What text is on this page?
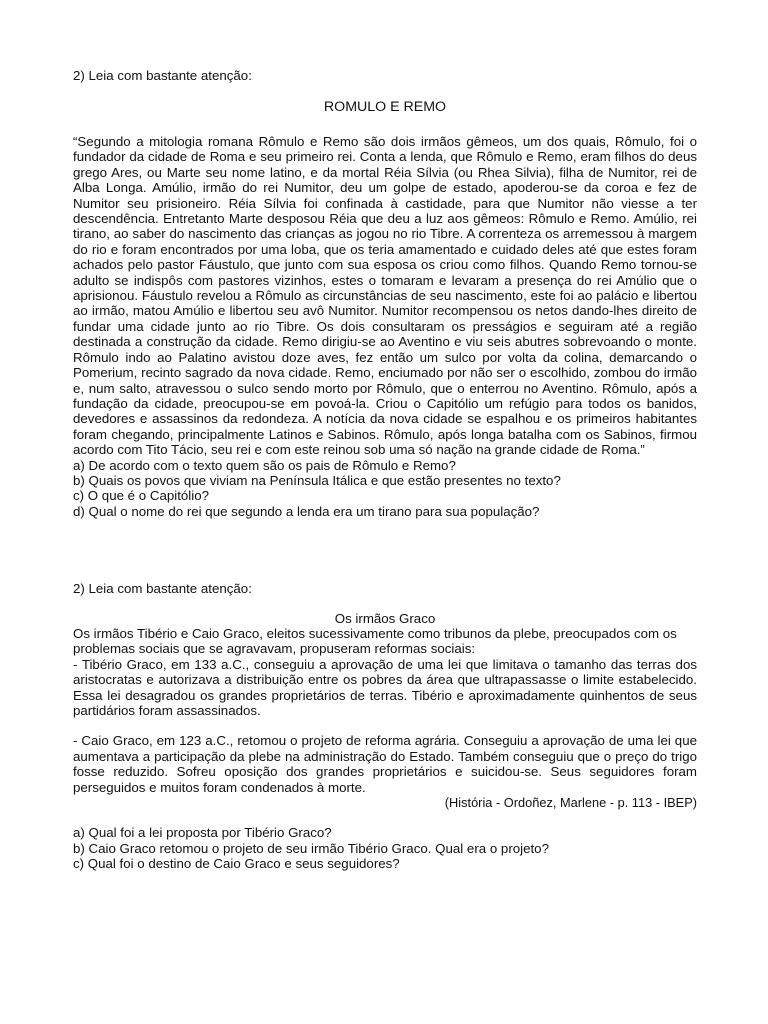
2) Leia com bastante atenção:

ROMULO E REMO

“Segundo a mitologia romana Rômulo e Remo são dois irmãos gêmeos, um dos quais, Rômulo, foi o fundador da cidade de Roma e seu primeiro rei. Conta a lenda, que Rômulo e Remo, eram filhos do deus grego Ares, ou Marte seu nome latino, e da mortal Réia Sílvia (ou Rhea Silvia), filha de Numitor, rei de Alba Longa. Amúlio, irmão do rei Numitor, deu um golpe de estado, apoderou-se da coroa e fez de Numitor seu prisioneiro. Réia Sílvia foi confinada à castidade, para que Numitor não viesse a ter descendência. Entretanto Marte desposou Réia que deu a luz aos gêmeos: Rômulo e Remo. Amúlio, rei tirano, ao saber do nascimento das crianças as jogou no rio Tibre. A correnteza os arremessou à margem do rio e foram encontrados por uma loba, que os teria amamentado e cuidado deles até que estes foram achados pelo pastor Fáustulo, que junto com sua esposa os criou como filhos. Quando Remo tornou-se adulto se indispôs com pastores vizinhos, estes o tomaram e levaram a presença do rei Amúlio que o aprisionou. Fáustulo revelou a Rômulo as circunstâncias de seu nascimento, este foi ao palácio e libertou ao irmão, matou Amúlio e libertou seu avô Numitor. Numitor recompensou os netos dando-lhes direito de fundar uma cidade junto ao rio Tibre. Os dois consultaram os presságios e seguiram até a região destinada a construção da cidade. Remo dirigiu-se ao Aventino e viu seis abutres sobrevoando o monte. Rômulo indo ao Palatino avistou doze aves, fez então um sulco por volta da colina, demarcando o Pomerium, recinto sagrado da nova cidade. Remo, enciumado por não ser o escolhido, zombou do irmão e, num salto, atravessou o sulco sendo morto por Rômulo, que o enterrou no Aventino. Rômulo, após a fundação da cidade, preocupou-se em povoá-la. Criou o Capitólio um refúgio para todos os banidos, devedores e assassinos da redondeza. A notícia da nova cidade se espalhou e os primeiros habitantes foram chegando, principalmente Latinos e Sabinos. Rômulo, após longa batalha com os Sabinos, firmou acordo com Tito Tácio, seu rei e com este reinou sob uma só nação na grande cidade de Roma.”

a) De acordo com o texto quem são os pais de Rômulo e Remo?

b) Quais os povos que viviam na Península Itálica e que estão presentes no texto?

c) O que é o Capitólio?

d) Qual o nome do rei que segundo a lenda era um tirano para sua população?

2) Leia com bastante atenção:

Os irmãos Graco

Os irmãos Tibério e Caio Graco, eleitos sucessivamente como tribunos da plebe, preocupados com os problemas sociais que se agravavam, propuseram reformas sociais:

- Tibério Graco, em 133 a.C., conseguiu a aprovação de uma lei que limitava o tamanho das terras dos aristocratas e autorizava a distribuição entre os pobres da área que ultrapassasse o limite estabelecido. Essa lei desagradou os grandes proprietários de terras. Tibério e aproximadamente quinhentos de seus partidários foram assassinados.

- Caio Graco, em 123 a.C., retomou o projeto de reforma agrária. Conseguiu a aprovação de uma lei que aumentava a participação da plebe na administração do Estado. Também conseguiu que o preço do trigo fosse reduzido. Sofreu oposição dos grandes proprietários e suicidou-se. Seus seguidores foram perseguidos e muitos foram condenados à morte.

(História - Ordoñez, Marlene - p. 113 - IBEP)

a) Qual foi a lei proposta por Tibério Graco?

b) Caio Graco retomou o projeto de seu irmão Tibério Graco. Qual era o projeto?

c) Qual foi o destino de Caio Graco e seus seguidores?
